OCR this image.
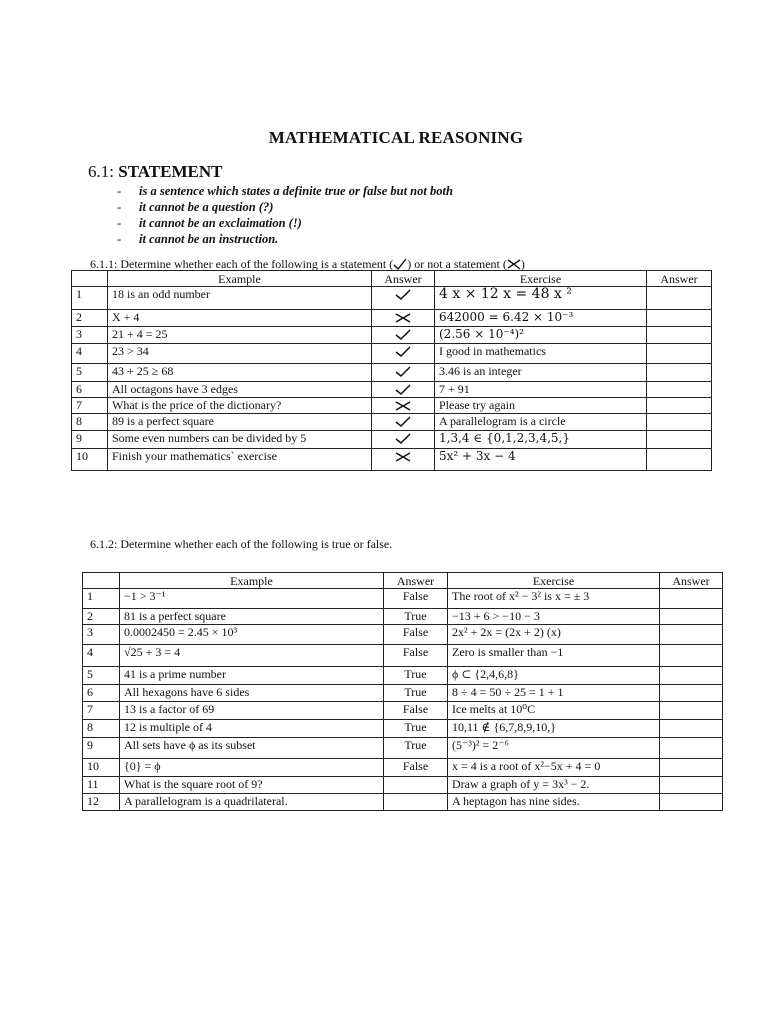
MATHEMATICAL REASONING
6.1: STATEMENT
- is a sentence which states a definite true or false but not both
- it cannot be a question (?)
- it cannot be an exclaimation (!)
- it cannot be an instruction.
6.1.1: Determine whether each of the following is a statement ( ) or not a statement ( )
	Example	Answer	Exercise	Answer
1	18 is an odd number		4 x × 12 x = 48 x ²	
2	X + 4		642000 = 6.42 × 10⁻³	
3	21 + 4 = 25		(2.56 × 10⁻⁴)²	
4	23 > 34		I good in mathematics	
5	43 + 25 ≥ 68		3.46 is an integer	
6	All octagons have 3 edges		7 + 91	
7	What is the price of the dictionary?		Please try again	
8	89 is a perfect square		A parallelogram is a circle	
9	Some even numbers can be divided by 5		1,3,4 ∈ {0,1,2,3,4,5,}	
10	Finish your mathematics` exercise		5x² + 3x − 4	
6.1.2: Determine whether each of the following is true or false.
	Example	Answer	Exercise	Answer
1	−1 > 3⁻¹	False	The root of x² − 3² is x = ± 3	
2	81 is a perfect square	True	−13 + 6 > −10 − 3	
3	0.0002450 = 2.45 × 10³	False	2x² + 2x = (2x + 2) (x)	
4	√25 + 3 = 4	False	Zero is smaller than −1	
5	41 is a prime number	True	ϕ ⊂ {2,4,6,8}	
6	All hexagons have 6 sides	True	8 ÷ 4 = 50 ÷ 25 = 1 + 1	
7	13 is a factor of 69	False	Ice melts at 10⁰C	
8	12 is multiple of 4	True	10,11 ∉ {6,7,8,9,10,}	
9	All sets have ϕ as its subset	True	(5⁻³)² = 2⁻⁶	
10	{0} = ϕ	False	x = 4 is a root of x²−5x + 4 = 0	
11	What is the square root of 9?		Draw a graph of y = 3x³ − 2.	
12	A parallelogram is a quadrilateral.		A heptagon has nine sides.	
